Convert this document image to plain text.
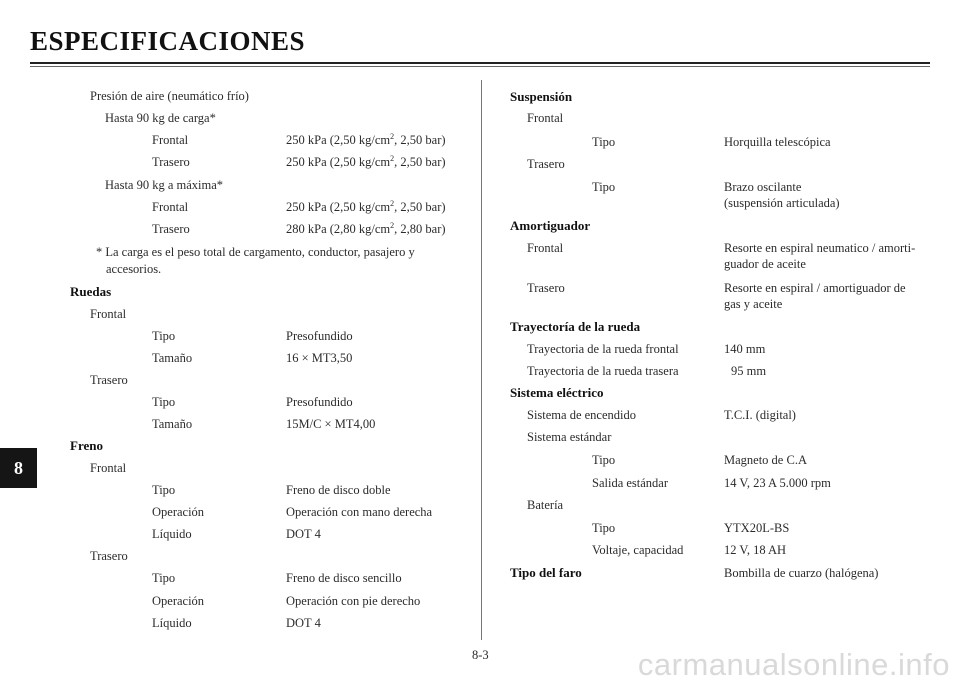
ESPECIFICACIONES
8
Presión de aire (neumático frío)
Hasta 90 kg de carga*
Frontal	250 kPa (2,50 $kg/cm^2$, 2,50 bar)
Trasero	250 kPa (2,50 $kg/cm^2$, 2,50 bar)
Hasta 90 kg a máxima*
Frontal	250 kPa (2,50 $kg/cm^2$, 2,50 bar)
Trasero	280 kPa (2,80 $kg/cm^2$, 2,80 bar)
* La carga es el peso total de cargamento, conductor, pasajero y
accesorios.
Ruedas
Frontal
Tipo	Presofundido
Tamaño	16 × MT3,50
Trasero
Tipo	Presofundido
Tamaño	15M/C × MT4,00
Freno
Frontal
Tipo	Freno de disco doble
Operación	Operación con mano derecha
Líquido	DOT 4
Trasero
Tipo	Freno de disco sencillo
Operación	Operación con pie derecho
Líquido	DOT 4
Suspensión
Frontal
Tipo	Horquilla telescópica
Trasero
Tipo	Brazo oscilante
(suspensión articulada)
Amortiguador
Frontal	Resorte en espiral neumatico / amorti-
guador de aceite
Trasero	Resorte en espiral / amortiguador de
gas y aceite
Trayectoría de la rueda
Trayectoria de la rueda frontal	140 mm
Trayectoria de la rueda trasera	95 mm
Sistema eléctrico
Sistema de encendido	T.C.I. (digital)
Sistema estándar
Tipo	Magneto de C.A
Salida estándar	14 V, 23 A 5.000 rpm
Batería
Tipo	YTX20L-BS
Voltaje, capacidad	12 V, 18 AH
Tipo del faro	Bombilla de cuarzo (halógena)
8-3	carmanualsonline.info
